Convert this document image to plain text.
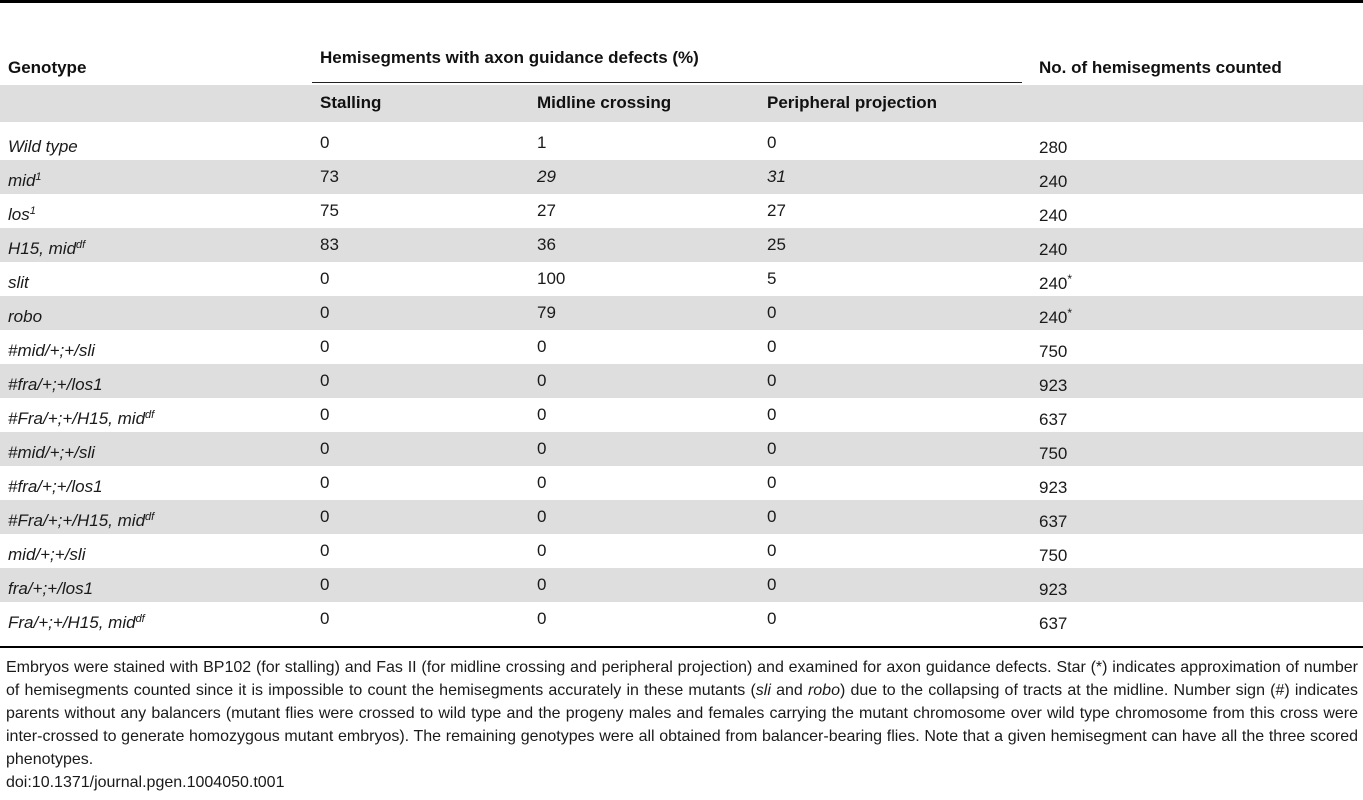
Genotype
Hemisegments with axon guidance defects (%)
No. of hemisegments counted
Stalling	Midline crossing	Peripheral projection
Wild type	0	1	0	280
mid$^1$	73	29	31	240
los$^1$	75	27	27	240
H15, mid$^{df}$	83	36	25	240
slit	0	100	5	240*
robo	0	79	0	240*
#mid/+;+/sli	0	0	0	750
#fra/+;+/los1	0	0	0	923
#Fra/+;+/H15, mid$^{df}$	0	0	0	637
#mid/+;+/sli	0	0	0	750
#fra/+;+/los1	0	0	0	923
#Fra/+;+/H15, mid$^{df}$	0	0	0	637
mid/+;+/sli	0	0	0	750
fra/+;+/los1	0	0	0	923
Fra/+;+/H15, mid$^{df}$	0	0	0	637
Embryos were stained with BP102 (for stalling) and Fas II (for midline crossing and peripheral projection) and examined for axon guidance defects. Star (*) indicates approximation of number of hemisegments counted since it is impossible to count the hemisegments accurately in these mutants (sli and robo) due to the collapsing of tracts at the midline. Number sign (#) indicates parents without any balancers (mutant flies were crossed to wild type and the progeny males and females carrying the mutant chromosome over wild type chromosome from this cross were inter-crossed to generate homozygous mutant embryos). The remaining genotypes were all obtained from balancer-bearing flies. Note that a given hemisegment can have all the three scored phenotypes.
doi:10.1371/journal.pgen.1004050.t001
